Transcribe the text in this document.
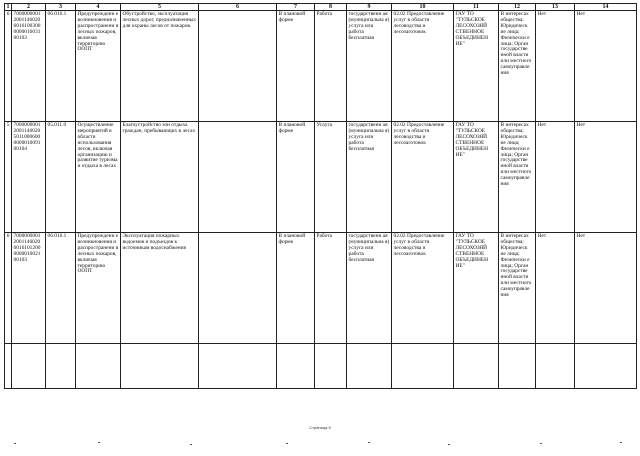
1	2	3	4	5	6	7	8	9	10	11	12	13	14
6	7000000001 2001146020 6016100300 0000010031 00103	06.016.1	Предупреждени е возникновения и распространени я лесных пожаров, включая территорию ООПТ	Обустройство, эксплуатация лесных дорог, предназначенных для охраны лесов от пожаров.		В плановой форме	Работа	государственн ая (муниципальна я) услуга или работа бесплатная	02.02 Предоставление услуг в области лесоводства и лесозаготовок	ГАУ ТО "ТУЛЬСКОЕ ЛЕСОХОЗЯЙ СТВЕННОЕ ОБЪЕДИНЕН ИЕ"	В интересах общества; Юридическ ие лица; Физически е лица; Орган государстве нной власти или местного самоуправле ния	Нет	Нет
5	7000000001 2001146020 5011000600 0000010091 00104	05.011.0	Осуществление мероприятий в области использования лесов, включая организацию и развитие туризма и отдыха в лесах	Благоустройство зон отдыха граждан, пребывающих в лесах		В плановой форме	Услуга	государственн ая (муниципальна я) услуга или работа бесплатная	02.02 Предоставление услуг в области лесоводства и лесозаготовок	ГАУ ТО "ТУЛЬСКОЕ ЛЕСОХОЗЯЙ СТВЕННОЕ ОБЪЕДИНЕН ИЕ"	В интересах общества; Юридическ ие лица; Физически е лица; Орган государстве нной власти или местного самоуправле ния	Нет	Нет
6	7000000001 2001146020 6016101200 0000010021 00103	06.016.1	Предупреждени е возникновения и распространени я лесных пожаров, включая территорию ООПТ	Эксплуатация пожарных водоемов и подъездов к источникам водоснабжения		В плановой форме	Работа	государственн ая (муниципальна я) услуга или работа бесплатная	02.02 Предоставление услуг в области лесоводства и лесозаготовок	ГАУ ТО "ТУЛЬСКОЕ ЛЕСОХОЗЯЙ СТВЕННОЕ ОБЪЕДИНЕН ИЕ"	В интересах общества; Юридическ ие лица; Физически е лица; Орган государстве нной власти или местного самоуправле ния	Нет	Нет

Страница 9
